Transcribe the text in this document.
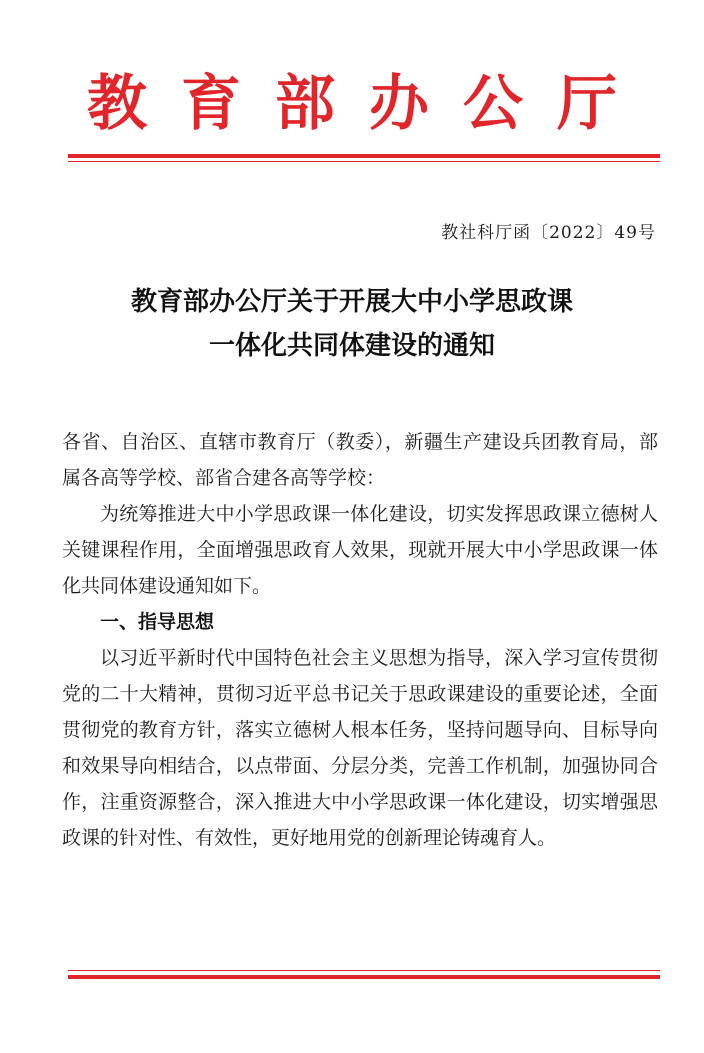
教育部办公厅
教社科厅函〔2022〕49号
教育部办公厅关于开展大中小学思政课
一体化共同体建设的通知

各省、自治区、直辖市教育厅（教委），新疆生产建设兵团教育局，部属各高等学校、部省合建各高等学校：

为统筹推进大中小学思政课一体化建设，切实发挥思政课立德树人关键课程作用，全面增强思政育人效果，现就开展大中小学思政课一体化共同体建设通知如下。

一、指导思想

以习近平新时代中国特色社会主义思想为指导，深入学习宣传贯彻党的二十大精神，贯彻习近平总书记关于思政课建设的重要论述，全面贯彻党的教育方针，落实立德树人根本任务，坚持问题导向、目标导向和效果导向相结合，以点带面、分层分类，完善工作机制，加强协同合作，注重资源整合，深入推进大中小学思政课一体化建设，切实增强思政课的针对性、有效性，更好地用党的创新理论铸魂育人。
